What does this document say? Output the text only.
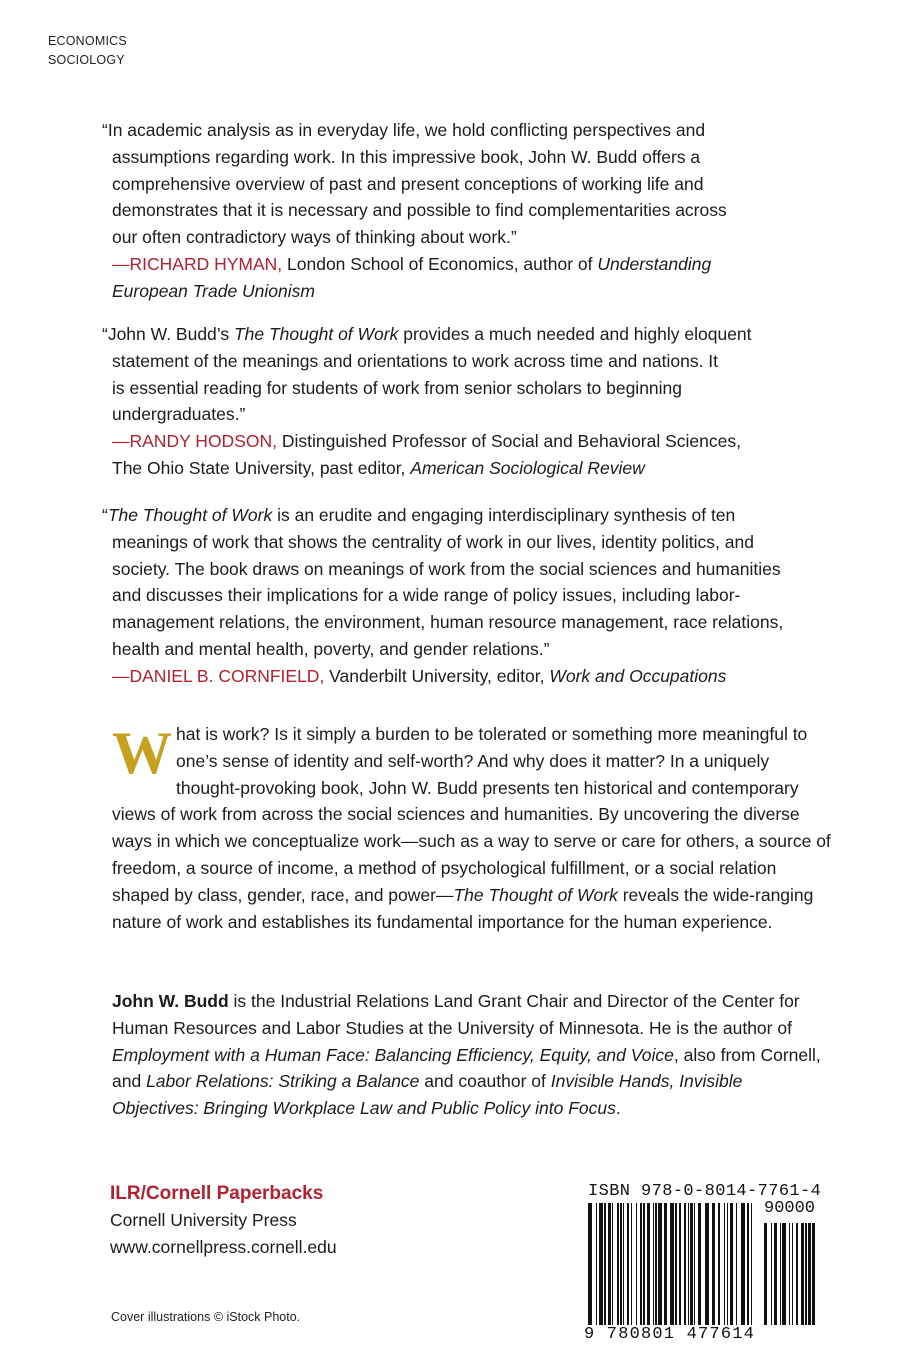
ECONOMICS
SOCIOLOGY
“In academic analysis as in everyday life, we hold conflicting perspectives and
assumptions regarding work. In this impressive book, John W. Budd offers a
comprehensive overview of past and present conceptions of working life and
demonstrates that it is necessary and possible to find complementarities across
our often contradictory ways of thinking about work.”
—RICHARD HYMAN, London School of Economics, author of Understanding
European Trade Unionism
“John W. Budd’s The Thought of Work provides a much needed and highly eloquent
statement of the meanings and orientations to work across time and nations. It
is essential reading for students of work from senior scholars to beginning
undergraduates.”
—RANDY HODSON, Distinguished Professor of Social and Behavioral Sciences,
The Ohio State University, past editor, American Sociological Review
“The Thought of Work is an erudite and engaging interdisciplinary synthesis of ten
meanings of work that shows the centrality of work in our lives, identity politics, and
society. The book draws on meanings of work from the social sciences and humanities
and discusses their implications for a wide range of policy issues, including labor-
management relations, the environment, human resource management, race relations,
health and mental health, poverty, and gender relations.”
—DANIEL B. CORNFIELD, Vanderbilt University, editor, Work and Occupations
What is work? Is it simply a burden to be tolerated or something more meaningful to one’s sense of identity and self-worth? And why does it matter? In a uniquely thought-provoking book, John W. Budd presents ten historical and contemporary views of work from across the social sciences and humanities. By uncovering the diverse ways in which we conceptualize work—such as a way to serve or care for others, a source of freedom, a source of income, a method of psychological fulfillment, or a social relation shaped by class, gender, race, and power—The Thought of Work reveals the wide-ranging nature of work and establishes its fundamental importance for the human experience.
John W. Budd is the Industrial Relations Land Grant Chair and Director of the Center for Human Resources and Labor Studies at the University of Minnesota. He is the author of Employment with a Human Face: Balancing Efficiency, Equity, and Voice, also from Cornell, and Labor Relations: Striking a Balance and coauthor of Invisible Hands, Invisible Objectives: Bringing Workplace Law and Public Policy into Focus.
ILR/Cornell Paperbacks
Cornell University Press
www.cornellpress.cornell.edu
ISBN 978-0-8014-7761-4
90000
9 780801 477614
Cover illustrations © iStock Photo.
